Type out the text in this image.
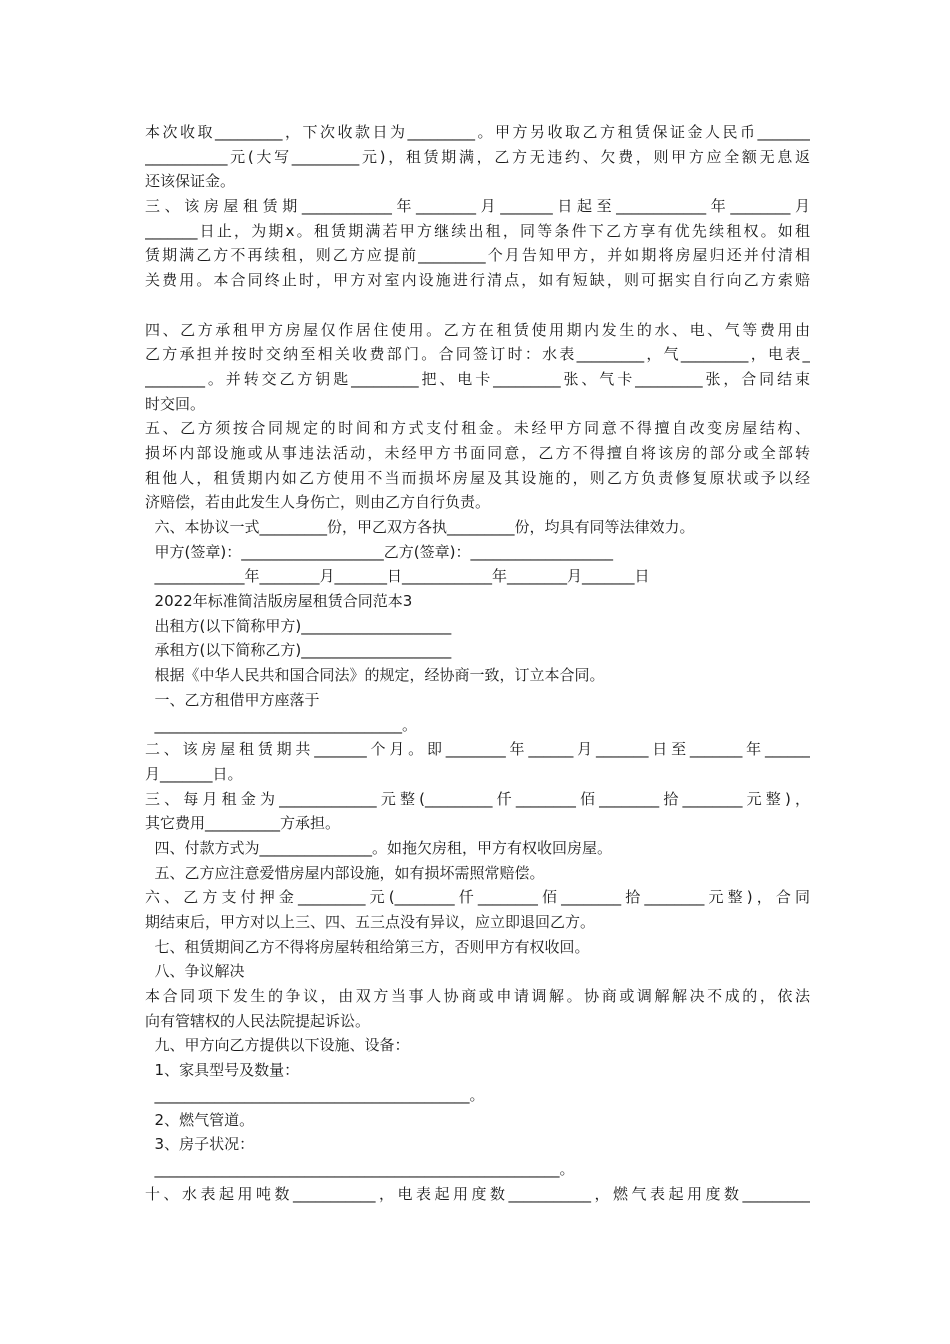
本次收取_________，下次收款日为_________。甲方另收取乙方租赁保证金人民币_______
___________元(大写_________元)，租赁期满，乙方无违约、欠费，则甲方应全额无息返
还该保证金。
三、该房屋租赁期____________年________月_______日起至____________年________月
_______日止，为期x。租赁期满若甲方继续出租，同等条件下乙方享有优先续租权。如租
赁期满乙方不再续租，则乙方应提前_________个月告知甲方，并如期将房屋归还并付清相
关费用。本合同终止时，甲方对室内设施进行清点，如有短缺，则可据实自行向乙方索赔
四、乙方承租甲方房屋仅作居住使用。乙方在租赁使用期内发生的水、电、气等费用由
乙方承担并按时交纳至相关收费部门。合同签订时：水表_________，气_________，电表_
________。并转交乙方钥匙_________把、电卡_________张、气卡_________张，合同结束
时交回。
五、乙方须按合同规定的时间和方式支付租金。未经甲方同意不得擅自改变房屋结构、
损坏内部设施或从事违法活动，未经甲方书面同意，乙方不得擅自将该房的部分或全部转
租他人，租赁期内如乙方使用不当而损坏房屋及其设施的，则乙方负责修复原状或予以经
济赔偿，若由此发生人身伤亡，则由乙方自行负责。
六、本协议一式_________份，甲乙双方各执_________份，均具有同等法律效力。
甲方(签章)：___________________乙方(签章)：___________________
____________年________月_______日____________年________月_______日
2022年标准简洁版房屋租赁合同范本3
出租方(以下简称甲方)____________________
承租方(以下简称乙方)____________________
根据《中华人民共和国合同法》的规定，经协商一致，订立本合同。
一、乙方租借甲方座落于
_________________________________。
二、该房屋租赁期共_______个月。即________年______月_______日至_______年______
月_______日。
三、每月租金为_____________元整(_________仟________佰________拾________元整)，
其它费用__________方承担。
四、付款方式为_______________。如拖欠房租，甲方有权收回房屋。
五、乙方应注意爱惜房屋内部设施，如有损坏需照常赔偿。
六、乙方支付押金_________元(________仟________佰________拾________元整)，合同
期结束后，甲方对以上三、四、五三点没有异议，应立即退回乙方。
七、租赁期间乙方不得将房屋转租给第三方，否则甲方有权收回。
八、争议解决
本合同项下发生的争议，由双方当事人协商或申请调解。协商或调解解决不成的，依法
向有管辖权的人民法院提起诉讼。
九、甲方向乙方提供以下设施、设备：
1、家具型号及数量：
__________________________________________。
2、燃气管道。
3、房子状况：
______________________________________________________。
十、水表起用吨数___________，电表起用度数___________，燃气表起用度数_________
